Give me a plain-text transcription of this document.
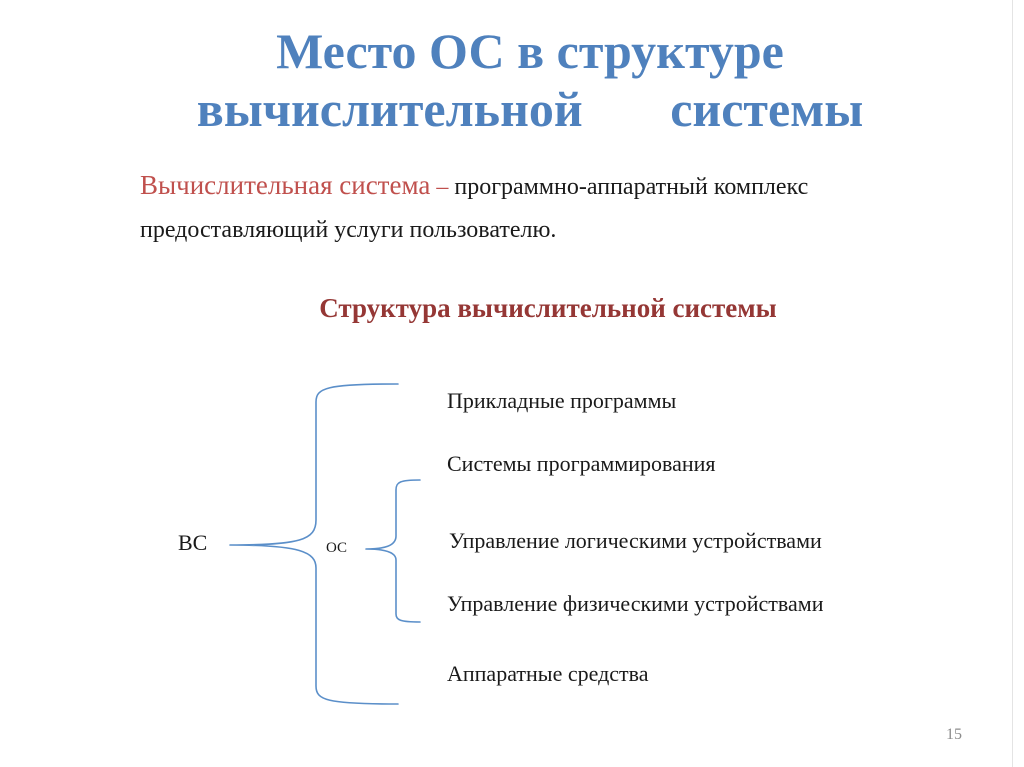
Место ОС в структуре
вычислительной       системы
Вычислительная система – программно-аппаратный комплекс
предоставляющий услуги пользователю.
Структура вычислительной системы
ВС	ОС
Прикладные программы
Системы программирования
Управление логическими устройствами
Управление физическими устройствами
Аппаратные средства
15
